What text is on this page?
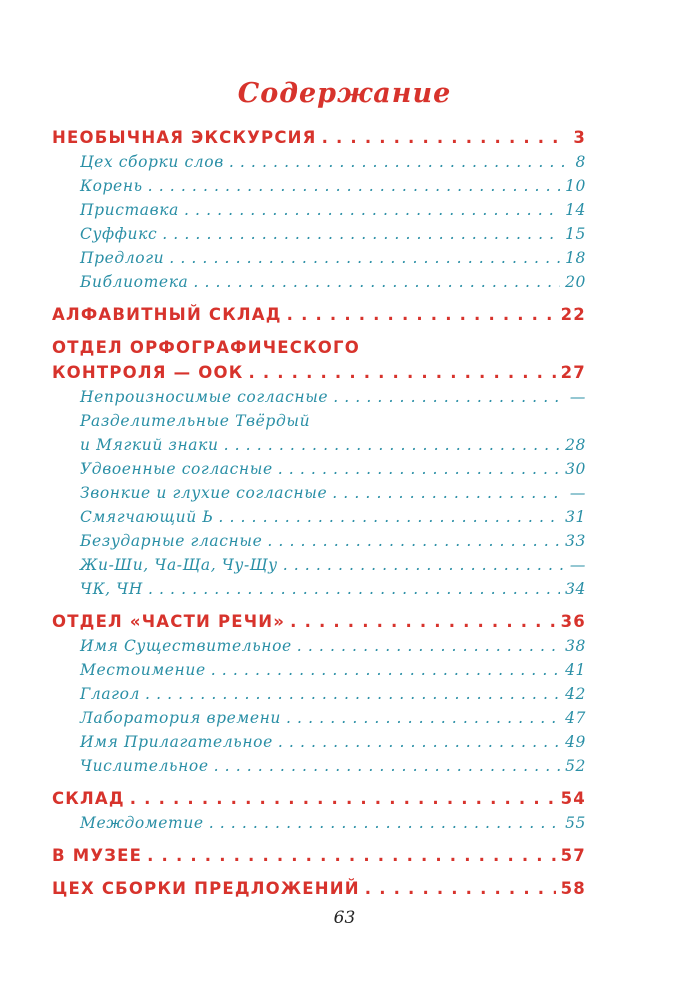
Содержание
НЕОБЫЧНАЯ ЭКСКУРСИЯ . . .	3
Цех сборки слов . . .	8
Корень . . .	10
Приставка . . .	14
Суффикс . . .	15
Предлоги . . .	18
Библиотека . . .	20
АЛФАВИТНЫЙ СКЛАД . . .	22
ОТДЕЛ ОРФОГРАФИЧЕСКОГО
КОНТРОЛЯ — ООК . . .	27
Непроизносимые согласные . . .	—
Разделительные Твёрдый
и Мягкий знаки . . .	28
Удвоенные согласные . . .	30
Звонкие и глухие согласные . . .	—
Смягчающий Ь . . .	31
Безударные гласные . . .	33
Жи-Ши, Ча-Ща, Чу-Щу . . .	—
ЧК, ЧН . . .	34
ОТДЕЛ «ЧАСТИ РЕЧИ» . . .	36
Имя Существительное . . .	38
Местоимение . . .	41
Глагол . . .	42
Лаборатория времени . . .	47
Имя Прилагательное . . .	49
Числительное . . .	52
СКЛАД . . .	54
Междометие . . .	55
В МУЗЕЕ . . .	57
ЦЕХ СБОРКИ ПРЕДЛОЖЕНИЙ . . .	58
63
